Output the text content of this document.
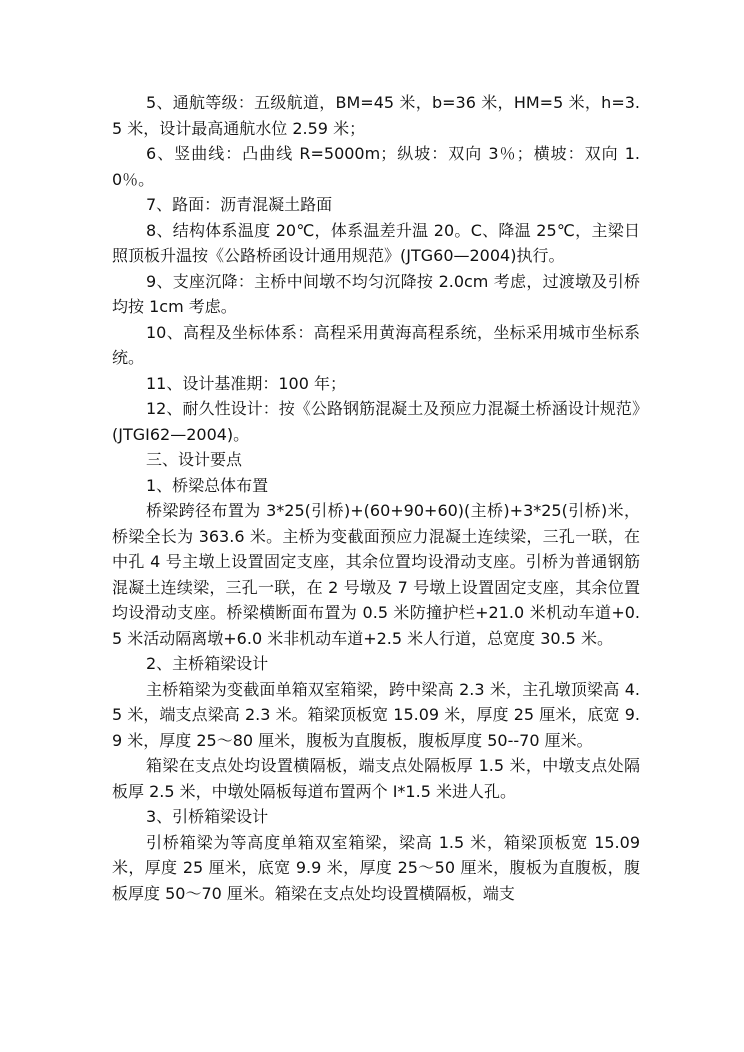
5、通航等级：五级航道，BM=45 米，b=36 米，HM=5 米，h=3.5 米，设计最高通航水位 2.59 米；

6、竖曲线：凸曲线 R=5000m；纵坡：双向 3％；横坡：双向 1.0％。

7、路面：沥青混凝土路面

8、结构体系温度 20℃，体系温差升温 20。C、降温 25℃，主梁日照顶板升温按《公路桥函设计通用规范》(JTG60—2004)执行。

9、支座沉降：主桥中间墩不均匀沉降按 2.0cm 考虑，过渡墩及引桥均按 1cm 考虑。

10、高程及坐标体系：高程采用黄海高程系统，坐标采用城市坐标系统。

11、设计基准期：100 年；

12、耐久性设计：按《公路钢筋混凝土及预应力混凝土桥涵设计规范》(JTGI62—2004)。

三、设计要点

1、桥梁总体布置

桥梁跨径布置为 3*25(引桥)+(60+90+60)(主桥)+3*25(引桥)米，桥梁全长为 363.6 米。主桥为变截面预应力混凝土连续梁，三孔一联，在中孔 4 号主墩上设置固定支座，其余位置均设滑动支座。引桥为普通钢筋混凝土连续梁，三孔一联，在 2 号墩及 7 号墩上设置固定支座，其余位置均设滑动支座。桥梁横断面布置为 0.5 米防撞护栏+21.0 米机动车道+0.5 米活动隔离墩+6.0 米非机动车道+2.5 米人行道，总宽度 30.5 米。

2、主桥箱梁设计

主桥箱梁为变截面单箱双室箱梁，跨中梁高 2.3 米，主孔墩顶梁高 4.5 米，端支点梁高 2.3 米。箱梁顶板宽 15.09 米，厚度 25 厘米，底宽 9.9 米，厚度 25～80 厘米，腹板为直腹板，腹板厚度 50--70 厘米。

箱梁在支点处均设置横隔板，端支点处隔板厚 1.5 米，中墩支点处隔板厚 2.5 米，中墩处隔板每道布置两个 I*1.5 米进人孔。

3、引桥箱梁设计

引桥箱梁为等高度单箱双室箱梁，梁高 1.5 米，箱梁顶板宽 15.09 米，厚度 25 厘米，底宽 9.9 米，厚度 25～50 厘米，腹板为直腹板，腹板厚度 50～70 厘米。箱梁在支点处均设置横隔板，端支
